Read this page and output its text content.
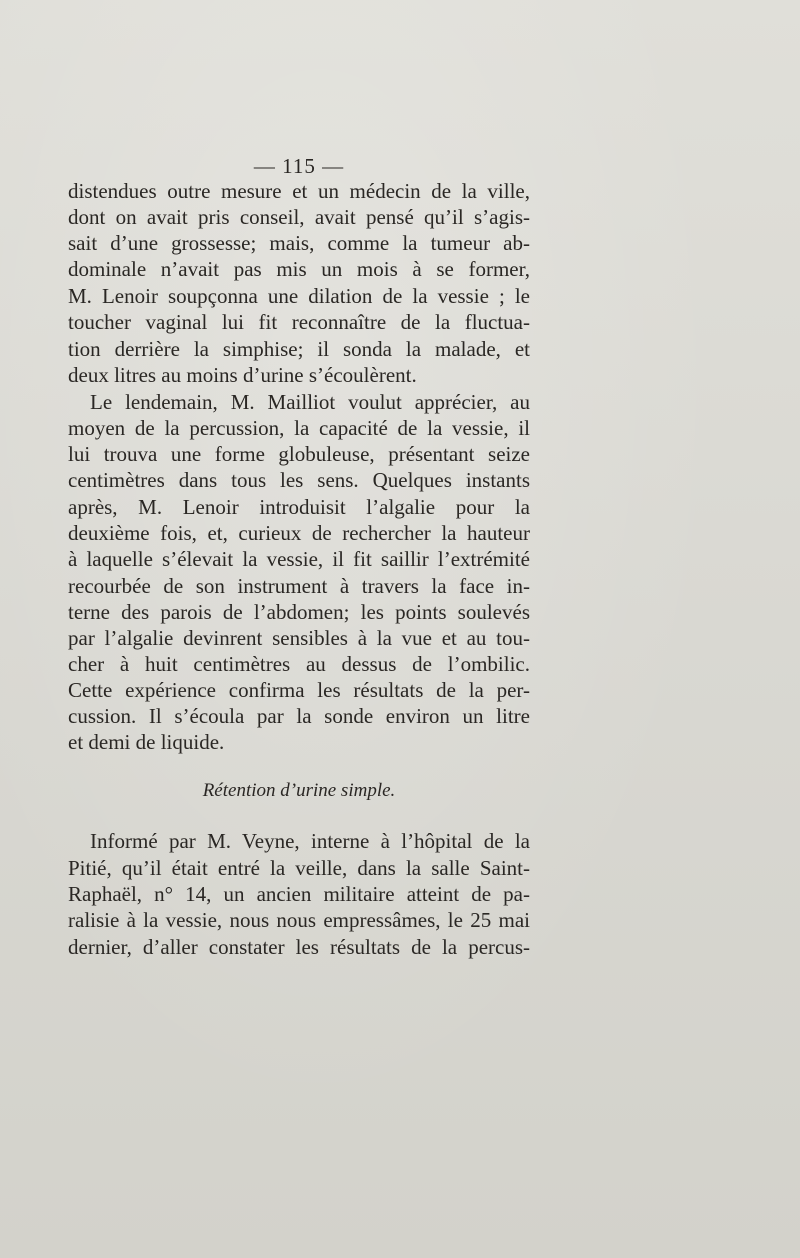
— 115 —
distendues outre mesure et un médecin de la ville,
dont on avait pris conseil, avait pensé qu’il s’agis-
sait d’une grossesse; mais, comme la tumeur ab-
dominale n’avait pas mis un mois à se former,
M. Lenoir soupçonna une dilation de la vessie ; le
toucher vaginal lui fit reconnaître de la fluctua-
tion derrière la simphise; il sonda la malade, et
deux litres au moins d’urine s’écoulèrent.
Le lendemain, M. Mailliot voulut apprécier, au
moyen de la percussion, la capacité de la vessie, il
lui trouva une forme globuleuse, présentant seize
centimètres dans tous les sens. Quelques instants
après, M. Lenoir introduisit l’algalie pour la
deuxième fois, et, curieux de rechercher la hauteur
à laquelle s’élevait la vessie, il fit saillir l’extrémité
recourbée de son instrument à travers la face in-
terne des parois de l’abdomen; les points soulevés
par l’algalie devinrent sensibles à la vue et au tou-
cher à huit centimètres au dessus de l’ombilic.
Cette expérience confirma les résultats de la per-
cussion. Il s’écoula par la sonde environ un litre
et demi de liquide.
Rétention d’urine simple.
Informé par M. Veyne, interne à l’hôpital de la
Pitié, qu’il était entré la veille, dans la salle Saint-
Raphaël, n° 14, un ancien militaire atteint de pa-
ralisie à la vessie, nous nous empressâmes, le 25 mai
dernier, d’aller constater les résultats de la percus-
